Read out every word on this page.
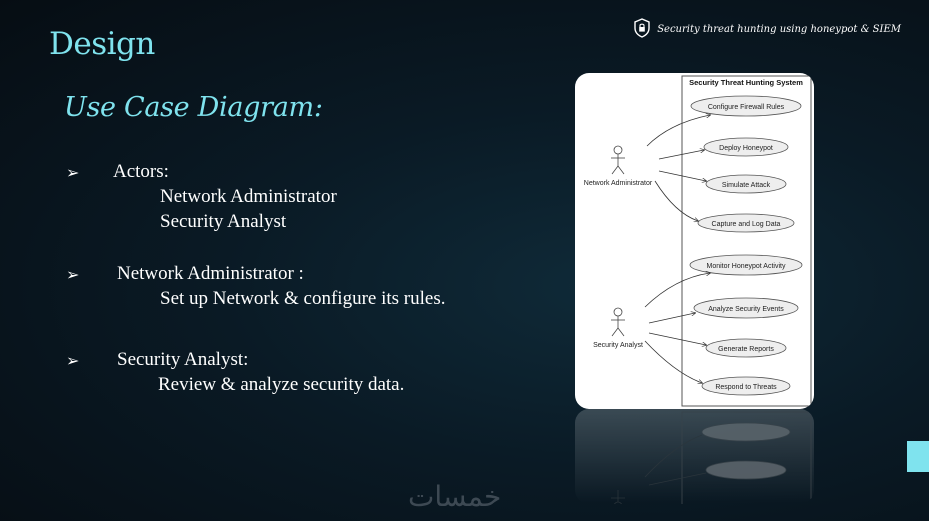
Design	Security threat hunting using honeypot & SIEM
Use Case Diagram:
➢ Actors:
Network Administrator
Security Analyst
➢ Network Administrator :
Set up Network & configure its rules.
➢ Security Analyst:
Review & analyze security data.
Security Threat Hunting System
Network Administrator
Security Analyst
Configure Firewall Rules
Deploy Honeypot
Simulate Attack
Capture and Log Data
Monitor Honeypot Activity
Analyze Security Events
Generate Reports
Respond to Threats
خمسات
